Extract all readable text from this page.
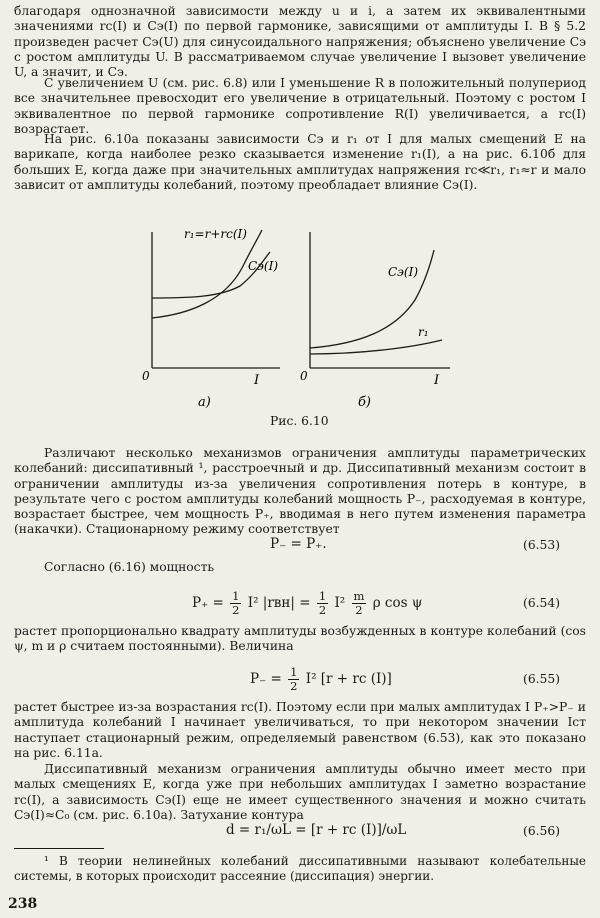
благодаря однозначной зависимости между u и i, а затем их эквивалентными значениями rс(I) и Cэ(I) по первой гармонике, зависящими от амплитуды I. В § 5.2 произведен расчет Cэ(U) для синусоидального напряжения; объяснено увеличение Cэ с ростом амплитуды U. В рассматриваемом случае увеличение I вызовет увеличение U, а значит, и Cэ.

С увеличением U (см. рис. 6.8) или I уменьшение R в положительный полупериод все значительнее превосходит его увеличение в отрицательный. Поэтому с ростом I эквивалентное по первой гармонике сопротивление R(I) увеличивается, а rс(I) возрастает.

На рис. 6.10а показаны зависимости Cэ и r₁ от I для малых смещений E на варикапе, когда наиболее резко сказывается изменение r₁(I), а на рис. 6.10б для больших E, когда даже при значительных амплитудах напряжения rс≪r₁, r₁≈r и мало зависит от амплитуды колебаний, поэтому преобладает влияние Cэ(I).

r₁=r+rс(I)
Cэ(I)
0	I
а)
Cэ(I)
r₁
0	I
б)
Рис. 6.10

Различают несколько механизмов ограничения амплитуды параметрических колебаний: диссипативный ¹, расстроечный и др. Диссипативный механизм состоит в ограничении амплитуды из-за увеличения сопротивления потерь в контуре, в результате чего с ростом амплитуды колебаний мощность P₋, расходуемая в контуре, возрастает быстрее, чем мощность P₊, вводимая в него путем изменения параметра (накачки). Стационарному режиму соответствует

P₋ = P₊.	(6.53)

Согласно (6.16) мощность

$P_+ = \frac{1}{2} I^2$ $|rвн| = \frac{1}{2} I^2 \frac{m}{2}$ ρ cos ψ	(6.54)

растет пропорционально квадрату амплитуды возбужденных в контуре колебаний (cos ψ, m и ρ считаем постоянными). Величина

$P_- = \frac{1}{2} I^2$ [r + rс (I)]	(6.55)

растет быстрее из-за возрастания rс(I). Поэтому если при малых амплитудах I P₊>P₋ и амплитуда колебаний I начинает увеличиваться, то при некотором значении Iст наступает стационарный режим, определяемый равенством (6.53), как это показано на рис. 6.11а.

Диссипативный механизм ограничения амплитуды обычно имеет место при малых смещениях E, когда уже при небольших амплитудах I заметно возрастание rс(I), а зависимость Cэ(I) еще не имеет существенного значения и можно считать Cэ(I)≈C₀ (см. рис. 6.10а). Затухание контура

d = r₁/ωL = [r + rс (I)]/ωL	(6.56)

¹ В теории нелинейных колебаний диссипативными называют колебательные системы, в которых происходит рассеяние (диссипация) энергии.

238
